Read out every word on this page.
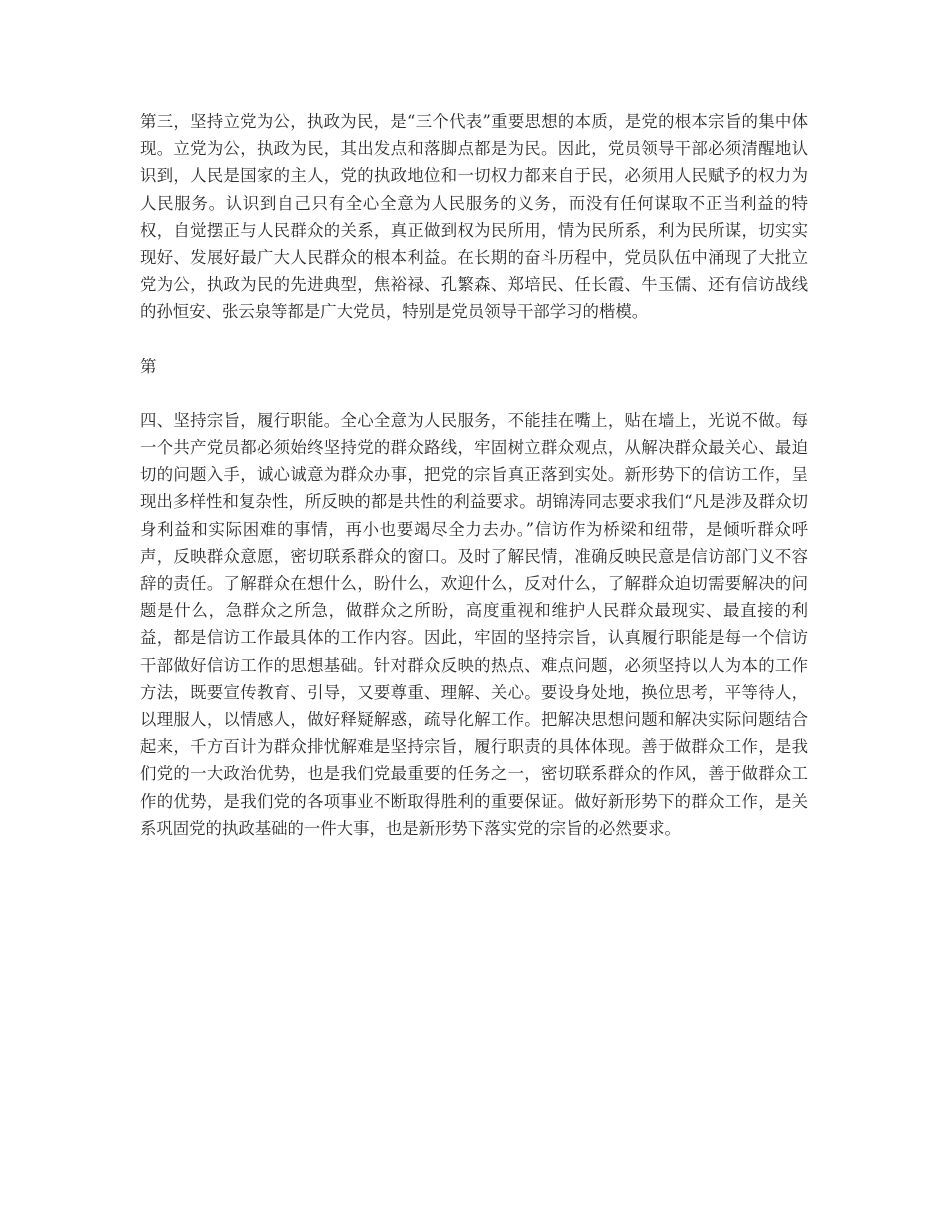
第三，坚持立党为公，执政为民，是“三个代表”重要思想的本质，是党的根本宗旨的集中体现。立党为公，执政为民，其出发点和落脚点都是为民。因此，党员领导干部必须清醒地认识到，人民是国家的主人，党的执政地位和一切权力都来自于民，必须用人民赋予的权力为人民服务。认识到自己只有全心全意为人民服务的义务，而没有任何谋取不正当利益的特权，自觉摆正与人民群众的关系，真正做到权为民所用，情为民所系，利为民所谋，切实实现好、发展好最广大人民群众的根本利益。在长期的奋斗历程中，党员队伍中涌现了大批立党为公，执政为民的先进典型，焦裕禄、孔繁森、郑培民、任长霞、牛玉儒、还有信访战线的孙恒安、张云泉等都是广大党员，特别是党员领导干部学习的楷模。

第

四、坚持宗旨，履行职能。全心全意为人民服务，不能挂在嘴上，贴在墙上，光说不做。每一个共产党员都必须始终坚持党的群众路线，牢固树立群众观点，从解决群众最关心、最迫切的问题入手，诚心诚意为群众办事，把党的宗旨真正落到实处。新形势下的信访工作，呈现出多样性和复杂性，所反映的都是共性的利益要求。胡锦涛同志要求我们“凡是涉及群众切身利益和实际困难的事情，再小也要竭尽全力去办。”信访作为桥梁和纽带，是倾听群众呼声，反映群众意愿，密切联系群众的窗口。及时了解民情，准确反映民意是信访部门义不容辞的责任。了解群众在想什么，盼什么，欢迎什么，反对什么，了解群众迫切需要解决的问题是什么，急群众之所急，做群众之所盼，高度重视和维护人民群众最现实、最直接的利益，都是信访工作最具体的工作内容。因此，牢固的坚持宗旨，认真履行职能是每一个信访干部做好信访工作的思想基础。针对群众反映的热点、难点问题，必须坚持以人为本的工作方法，既要宣传教育、引导，又要尊重、理解、关心。要设身处地，换位思考，平等待人，以理服人，以情感人，做好释疑解惑，疏导化解工作。把解决思想问题和解决实际问题结合起来，千方百计为群众排忧解难是坚持宗旨，履行职责的具体体现。善于做群众工作，是我们党的一大政治优势，也是我们党最重要的任务之一，密切联系群众的作风，善于做群众工作的优势，是我们党的各项事业不断取得胜利的重要保证。做好新形势下的群众工作，是关系巩固党的执政基础的一件大事，也是新形势下落实党的宗旨的必然要求。
